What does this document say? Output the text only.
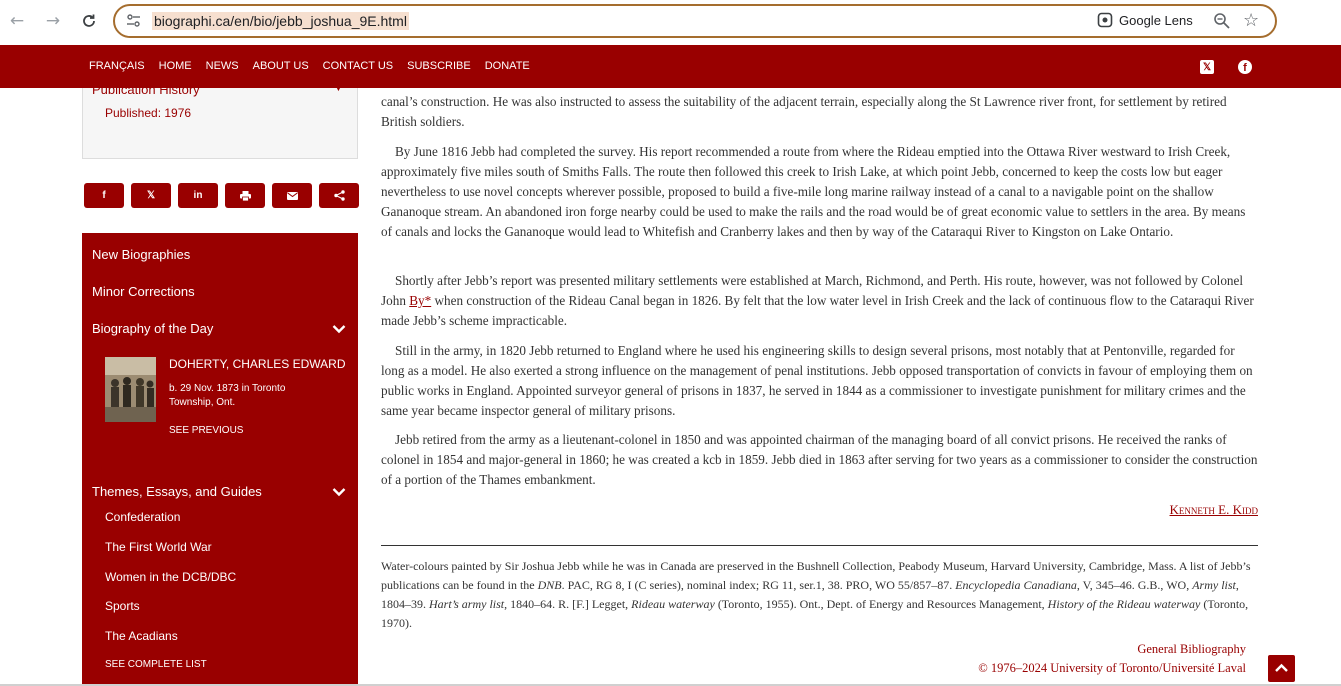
← →	biographi.ca/en/bio/jebb_joshua_9E.html	Google Lens	☆
FRANÇAIS HOME NEWS ABOUT US CONTACT US SUBSCRIBE DONATE	𝕏	f
Publication History	▼
Published: 1976
f	𝕏	in
New Biographies
Minor Corrections
Biography of the Day
DOHERTY, CHARLES EDWARD
b. 29 Nov. 1873 in Toronto Township, Ont.
SEE PREVIOUS
Themes, Essays, and Guides
Confederation
The First World War
Women in the DCB/DBC
Sports
The Acadians
SEE COMPLETE LIST

canal’s construction. He was also instructed to assess the suitability of the adjacent terrain, especially along the St Lawrence river front, for settlement by retired British soldiers.

By June 1816 Jebb had completed the survey. His report recommended a route from where the Rideau emptied into the Ottawa River westward to Irish Creek, approximately five miles south of Smiths Falls. The route then followed this creek to Irish Lake, at which point Jebb, concerned to keep the costs low but eager nevertheless to use novel concepts wherever possible, proposed to build a five-mile long marine railway instead of a canal to a navigable point on the shallow Gananoque stream. An abandoned iron forge nearby could be used to make the rails and the road would be of great economic value to settlers in the area. By means of canals and locks the Gananoque would lead to Whitefish and Cranberry lakes and then by way of the Cataraqui River to Kingston on Lake Ontario.

Shortly after Jebb’s report was presented military settlements were established at March, Richmond, and Perth. His route, however, was not followed by Colonel John By* when construction of the Rideau Canal began in 1826. By felt that the low water level in Irish Creek and the lack of continuous flow to the Cataraqui River made Jebb’s scheme impracticable.

Still in the army, in 1820 Jebb returned to England where he used his engineering skills to design several prisons, most notably that at Pentonville, regarded for long as a model. He also exerted a strong influence on the management of penal institutions. Jebb opposed transportation of convicts in favour of employing them on public works in England. Appointed surveyor general of prisons in 1837, he served in 1844 as a commissioner to investigate punishment for military crimes and the same year became inspector general of military prisons.

Jebb retired from the army as a lieutenant-colonel in 1850 and was appointed chairman of the managing board of all convict prisons. He received the ranks of colonel in 1854 and major-general in 1860; he was created a kcb in 1859. Jebb died in 1863 after serving for two years as a commissioner to consider the construction of a portion of the Thames embankment.

Kenneth E. Kidd
Water-colours painted by Sir Joshua Jebb while he was in Canada are preserved in the Bushnell Collection, Peabody Museum, Harvard University, Cambridge, Mass. A list of Jebb’s publications can be found in the DNB. PAC, RG 8, I (C series), nominal index; RG 11, ser.1, 38. PRO, WO 55/857–87. Encyclopedia Canadiana, V, 345–46. G.B., WO, Army list, 1804–39. Hart’s army list, 1840–64. R. [F.] Legget, Rideau waterway (Toronto, 1955). Ont., Dept. of Energy and Resources Management, History of the Rideau waterway (Toronto, 1970).
General Bibliography
© 1976–2024 University of Toronto/Université Laval
